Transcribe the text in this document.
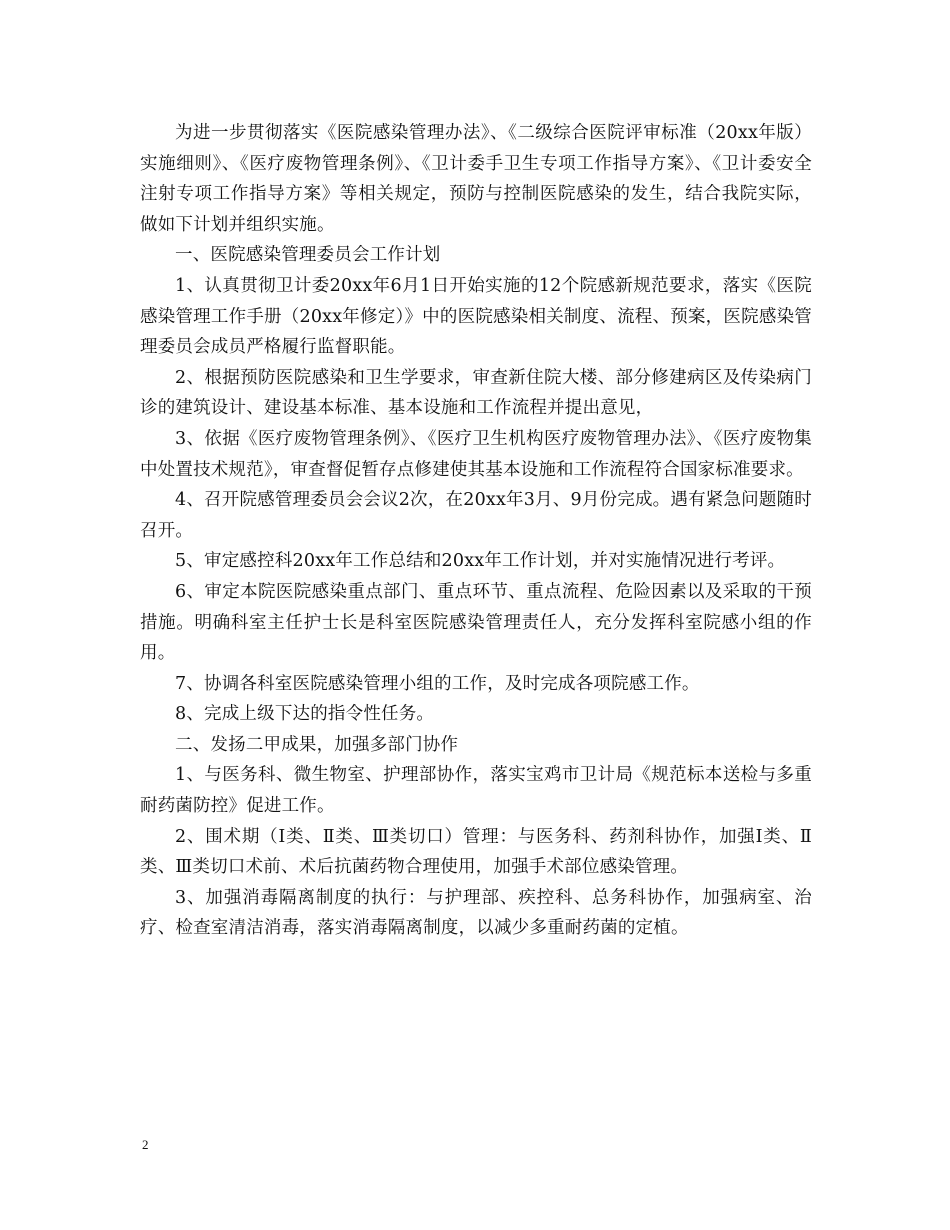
为进一步贯彻落实《医院感染管理办法》、《二级综合医院评审标准（20xx年版）实施细则》、《医疗废物管理条例》、《卫计委手卫生专项工作指导方案》、《卫计委安全注射专项工作指导方案》等相关规定，预防与控制医院感染的发生，结合我院实际，做如下计划并组织实施。

一、医院感染管理委员会工作计划

1、认真贯彻卫计委20xx年6月1日开始实施的12个院感新规范要求，落实《医院感染管理工作手册（20xx年修定）》中的医院感染相关制度、流程、预案，医院感染管理委员会成员严格履行监督职能。

2、根据预防医院感染和卫生学要求，审查新住院大楼、部分修建病区及传染病门诊的建筑设计、建设基本标准、基本设施和工作流程并提出意见，

3、依据《医疗废物管理条例》、《医疗卫生机构医疗废物管理办法》、《医疗废物集中处置技术规范》，审查督促暂存点修建使其基本设施和工作流程符合国家标准要求。

4、召开院感管理委员会会议2次，在20xx年3月、9月份完成。遇有紧急问题随时召开。

5、审定感控科20xx年工作总结和20xx年工作计划，并对实施情况进行考评。

6、审定本院医院感染重点部门、重点环节、重点流程、危险因素以及采取的干预措施。明确科室主任护士长是科室医院感染管理责任人，充分发挥科室院感小组的作用。

7、协调各科室医院感染管理小组的工作，及时完成各项院感工作。

8、完成上级下达的指令性任务。

二、发扬二甲成果，加强多部门协作

1、与医务科、微生物室、护理部协作，落实宝鸡市卫计局《规范标本送检与多重耐药菌防控》促进工作。

2、围术期（Ⅰ类、Ⅱ类、Ⅲ类切口）管理：与医务科、药剂科协作，加强Ⅰ类、Ⅱ类、Ⅲ类切口术前、术后抗菌药物合理使用，加强手术部位感染管理。

3、加强消毒隔离制度的执行：与护理部、疾控科、总务科协作，加强病室、治疗、检查室清洁消毒，落实消毒隔离制度，以减少多重耐药菌的定植。

2
